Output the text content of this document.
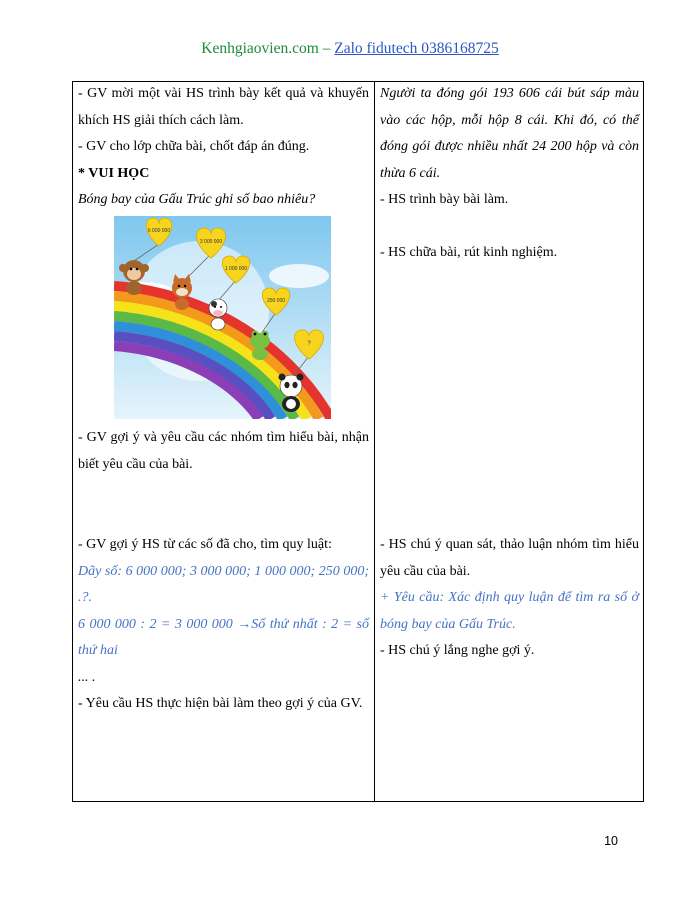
Kenhgiaovien.com – Zalo fidutech 0386168725

- GV mời một vài HS trình bày kết quả và khuyến khích HS giải thích cách làm.

- GV cho lớp chữa bài, chốt đáp án đúng.

* VUI HỌC

Bóng bay của Gấu Trúc ghi số bao nhiêu?

6 000 000
3 000 000
1 000 000
250 000
?

- GV gợi ý và yêu cầu các nhóm tìm hiểu bài, nhận biết yêu cầu của bài.

- GV gợi ý HS từ các số đã cho, tìm quy luật:

Dãy số: 6 000 000; 3 000 000; 1 000 000; 250 000; .?.

6 000 000 : 2 = 3 000 000 →Số thứ nhất : 2 = số thứ hai

... .

- Yêu cầu HS thực hiện bài làm theo gợi ý của GV.

Người ta đóng gói 193 606 cái bút sáp màu vào các hộp, mỗi hộp 8 cái. Khi đó, có thể đóng gói được nhiều nhất 24 200 hộp và còn thừa 6 cái.

- HS trình bày bài làm.

- HS chữa bài, rút kinh nghiệm.

- HS chú ý quan sát, thảo luận nhóm tìm hiểu yêu cầu của bài.

+ Yêu cầu: Xác định quy luận để tìm ra số ở bóng bay của Gấu Trúc.

- HS chú ý lắng nghe gợi ý.

10
